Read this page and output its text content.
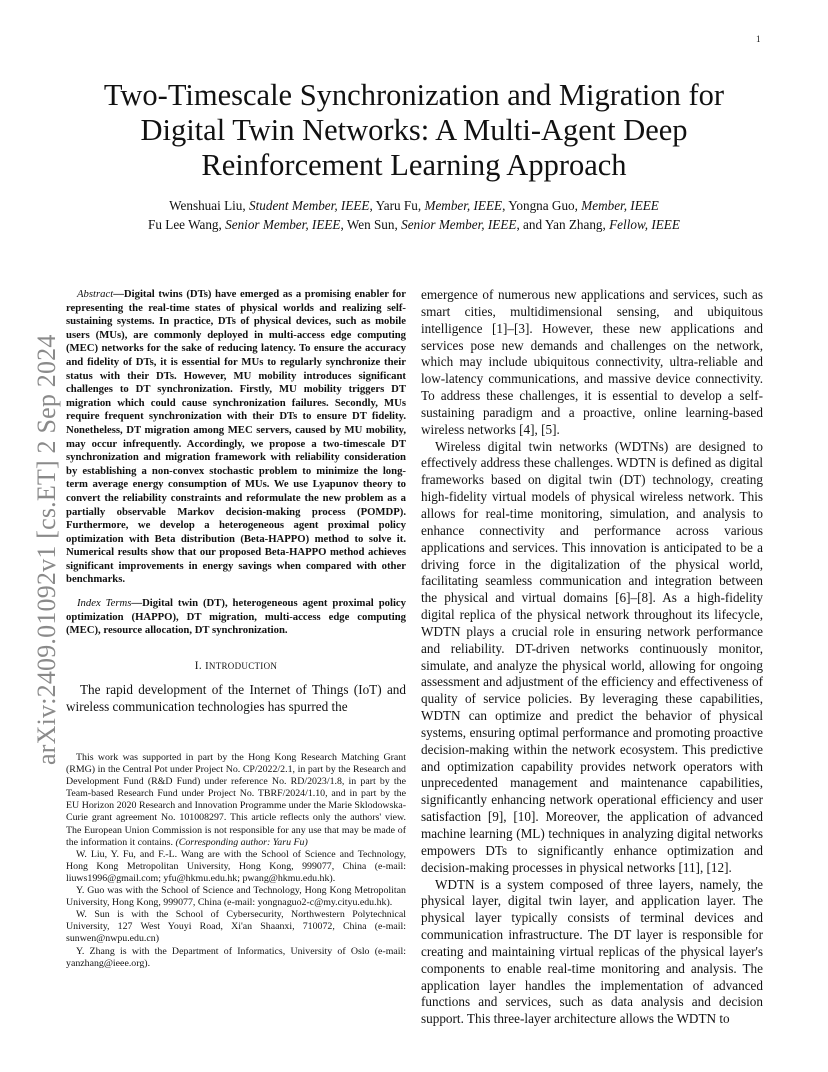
1
arXiv:2409.01092v1 [cs.ET] 2 Sep 2024
Two-Timescale Synchronization and Migration for Digital Twin Networks: A Multi-Agent Deep Reinforcement Learning Approach
Wenshuai Liu, Student Member, IEEE, Yaru Fu, Member, IEEE, Yongna Guo, Member, IEEE
Fu Lee Wang, Senior Member, IEEE, Wen Sun, Senior Member, IEEE, and Yan Zhang, Fellow, IEEE

Abstract—Digital twins (DTs) have emerged as a promising enabler for representing the real-time states of physical worlds and realizing self-sustaining systems. In practice, DTs of physical devices, such as mobile users (MUs), are commonly deployed in multi-access edge computing (MEC) networks for the sake of reducing latency. To ensure the accuracy and fidelity of DTs, it is essential for MUs to regularly synchronize their status with their DTs. However, MU mobility introduces significant challenges to DT synchronization. Firstly, MU mobility triggers DT migration which could cause synchronization failures. Secondly, MUs require frequent synchronization with their DTs to ensure DT fidelity. Nonetheless, DT migration among MEC servers, caused by MU mobility, may occur infrequently. Accordingly, we propose a two-timescale DT synchronization and migration framework with reliability consideration by establishing a non-convex stochastic problem to minimize the long-term average energy consumption of MUs. We use Lyapunov theory to convert the reliability constraints and reformulate the new problem as a partially observable Markov decision-making process (POMDP). Furthermore, we develop a heterogeneous agent proximal policy optimization with Beta distribution (Beta-HAPPO) method to solve it. Numerical results show that our proposed Beta-HAPPO method achieves significant improvements in energy savings when compared with other benchmarks.

Index Terms—Digital twin (DT), heterogeneous agent proximal policy optimization (HAPPO), DT migration, multi-access edge computing (MEC), resource allocation, DT synchronization.

I. INTRODUCTION

The rapid development of the Internet of Things (IoT) and wireless communication technologies has spurred the

This work was supported in part by the Hong Kong Research Matching Grant (RMG) in the Central Pot under Project No. CP/2022/2.1, in part by the Research and Development Fund (R&D Fund) under reference No. RD/2023/1.8, in part by the Team-based Research Fund under Project No. TBRF/2024/1.10, and in part by the EU Horizon 2020 Research and Innovation Programme under the Marie Sklodowska-Curie grant agreement No. 101008297. This article reflects only the authors' view. The European Union Commission is not responsible for any use that may be made of the information it contains. (Corresponding author: Yaru Fu)

W. Liu, Y. Fu, and F.-L. Wang are with the School of Science and Technology, Hong Kong Metropolitan University, Hong Kong, 999077, China (e-mail: liuws1996@gmail.com; yfu@hkmu.edu.hk; pwang@hkmu.edu.hk).

Y. Guo was with the School of Science and Technology, Hong Kong Metropolitan University, Hong Kong, 999077, China (e-mail: yongnaguo2-c@my.cityu.edu.hk).

W. Sun is with the School of Cybersecurity, Northwestern Polytechnical University, 127 West Youyi Road, Xi'an Shaanxi, 710072, China (e-mail: sunwen@nwpu.edu.cn)

Y. Zhang is with the Department of Informatics, University of Oslo (e-mail: yanzhang@ieee.org).

emergence of numerous new applications and services, such as smart cities, multidimensional sensing, and ubiquitous intelligence [1]–[3]. However, these new applications and services pose new demands and challenges on the network, which may include ubiquitous connectivity, ultra-reliable and low-latency communications, and massive device connectivity. To address these challenges, it is essential to develop a self-sustaining paradigm and a proactive, online learning-based wireless networks [4], [5].

Wireless digital twin networks (WDTNs) are designed to effectively address these challenges. WDTN is defined as digital frameworks based on digital twin (DT) technology, creating high-fidelity virtual models of physical wireless network. This allows for real-time monitoring, simulation, and analysis to enhance connectivity and performance across various applications and services. This innovation is anticipated to be a driving force in the digitalization of the physical world, facilitating seamless communication and integration between the physical and virtual domains [6]–[8]. As a high-fidelity digital replica of the physical network throughout its lifecycle, WDTN plays a crucial role in ensuring network performance and reliability. DT-driven networks continuously monitor, simulate, and analyze the physical world, allowing for ongoing assessment and adjustment of the efficiency and effectiveness of quality of service policies. By leveraging these capabilities, WDTN can optimize and predict the behavior of physical systems, ensuring optimal performance and promoting proactive decision-making within the network ecosystem. This predictive and optimization capability provides network operators with unprecedented management and maintenance capabilities, significantly enhancing network operational efficiency and user satisfaction [9], [10]. Moreover, the application of advanced machine learning (ML) techniques in analyzing digital networks empowers DTs to significantly enhance optimization and decision-making processes in physical networks [11], [12].

WDTN is a system composed of three layers, namely, the physical layer, digital twin layer, and application layer. The physical layer typically consists of terminal devices and communication infrastructure. The DT layer is responsible for creating and maintaining virtual replicas of the physical layer's components to enable real-time monitoring and analysis. The application layer handles the implementation of advanced functions and services, such as data analysis and decision support. This three-layer architecture allows the WDTN to
